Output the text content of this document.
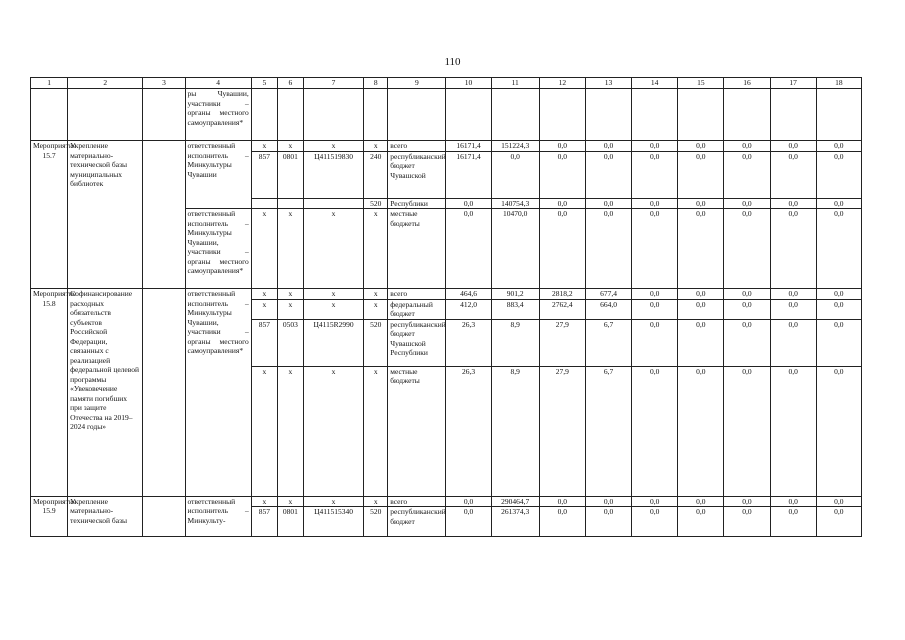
110
1	2	3	4	5	6	7	8	9	10	11	12	13	14	15	16	17	18
			ры Чувашии, участники – органы местного самоуправления*														
Мероприятие 15.7	Укрепление материально-технической базы муниципальных библиотек		ответственный исполнитель – Минкультуры Чувашии	x	x	x	x	всего	16171,4	151224,3	0,0	0,0	0,0	0,0	0,0	0,0	0,0
				857	0801	Ц411519830	240	республиканский бюджет Чувашской	16171,4	0,0	0,0	0,0	0,0	0,0	0,0	0,0	0,0
							520	Республики	0,0	140754,3	0,0	0,0	0,0	0,0	0,0	0,0	0,0
			ответственный исполнитель – Минкультуры Чувашии, участники – органы местного самоуправления*	x	x	x	x	местные бюджеты	0,0	10470,0	0,0	0,0	0,0	0,0	0,0	0,0	0,0
Мероприятие 15.8	Софинансирование расходных обязательств субъектов Российской Федерации, связанных с реализацией федеральной целевой программы «Увековечение памяти погибших при защите Отечества на 2019–2024 годы»		ответственный исполнитель – Минкультуры Чувашии, участники – органы местного самоуправления*	x	x	x	x	всего	464,6	901,2	2818,2	677,4	0,0	0,0	0,0	0,0	0,0
				x	x	x	x	федеральный бюджет	412,0	883,4	2762,4	664,0	0,0	0,0	0,0	0,0	0,0
				857	0503	Ц4115R2990	520	республиканский бюджет Чувашской Республики	26,3	8,9	27,9	6,7	0,0	0,0	0,0	0,0	0,0
				x	x	x	x	местные бюджеты	26,3	8,9	27,9	6,7	0,0	0,0	0,0	0,0	0,0
Мероприятие 15.9	Укрепление материально-технической базы		ответственный исполнитель – Минкульту-	x	x	x	x	всего	0,0	290464,7	0,0	0,0	0,0	0,0	0,0	0,0	0,0
				857	0801	Ц411515340	520	республиканский бюджет	0,0	261374,3	0,0	0,0	0,0	0,0	0,0	0,0	0,0
